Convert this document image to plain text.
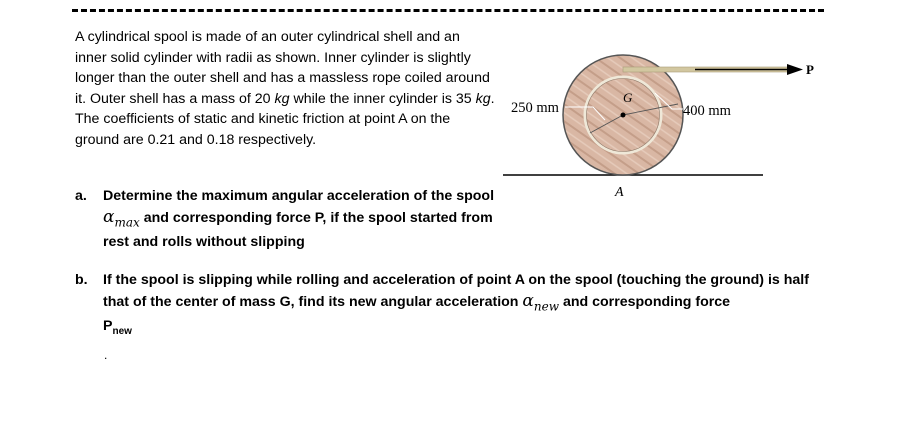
A cylindrical spool is made of an outer cylindrical shell and an inner solid cylinder with radii as shown. Inner cylinder is slightly longer than the outer shell and has a massless rope coiled around it. Outer shell has a mass of 20 kg while the inner cylinder is 35 kg. The coefficients of static and kinetic friction at point A on the ground are 0.21 and 0.18 respectively.

a. Determine the maximum angular acceleration of the spool $\alpha_{max}$ and corresponding force P, if the spool started from rest and rolls without slipping
b. If the spool is slipping while rolling and acceleration of point A on the spool (touching the ground) is half that of the center of mass G, find its new angular acceleration $\alpha_{new}$ and corresponding force
$P_{new}$
.
250 mm	400 mm
G
A
P
